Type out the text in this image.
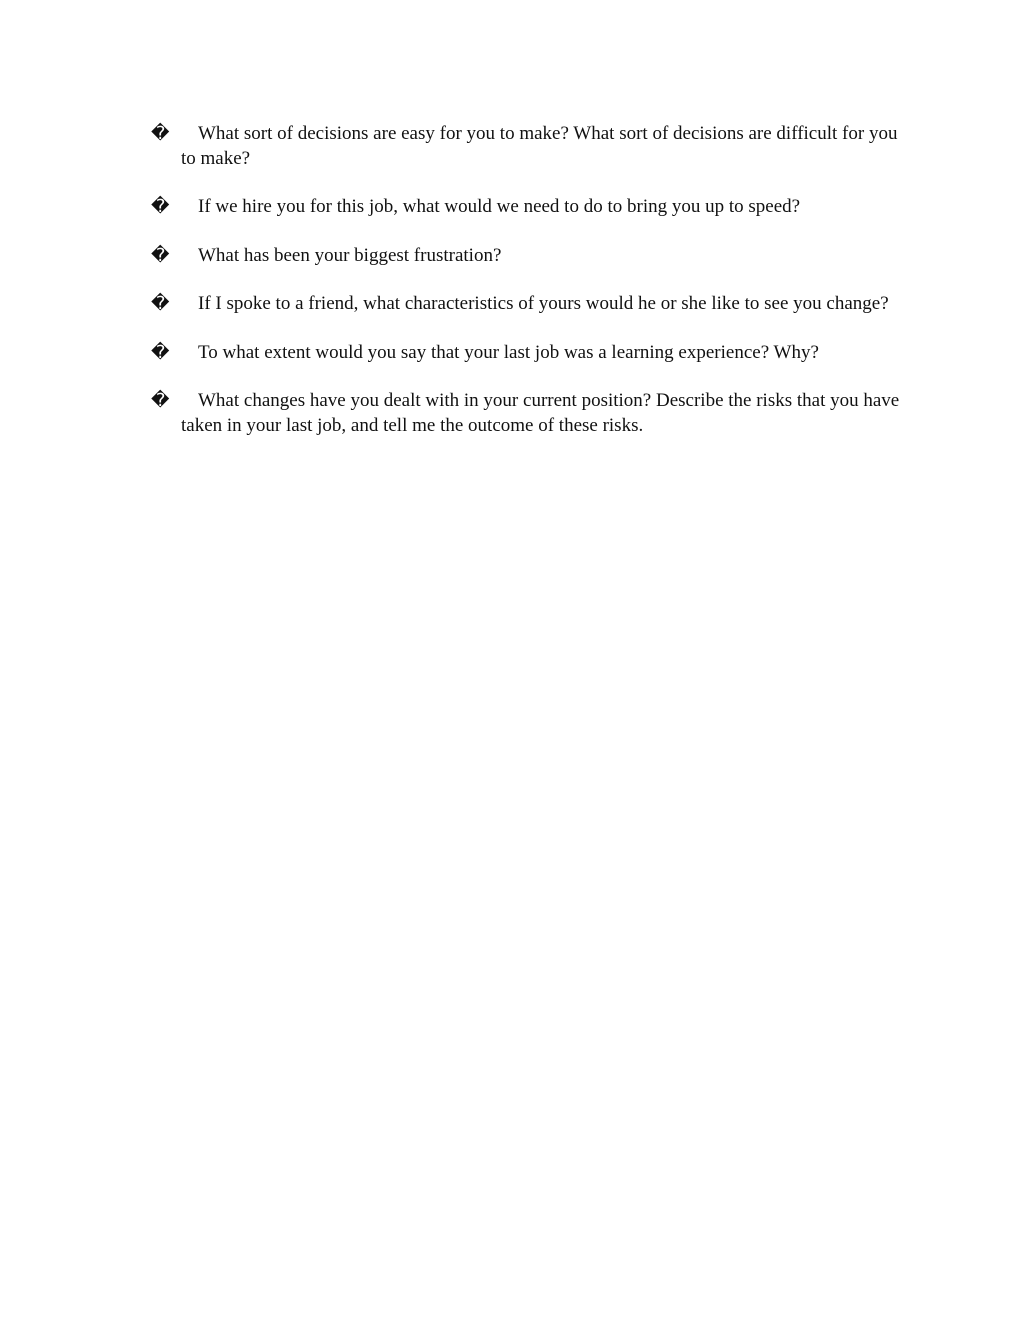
�	What sort of decisions are easy for you to make? What sort of decisions are difficult for you to make?
�	If we hire you for this job, what would we need to do to bring you up to speed?
�	What has been your biggest frustration?
�	If I spoke to a friend, what characteristics of yours would he or she like to see you change?
�	To what extent would you say that your last job was a learning experience? Why?
�	What changes have you dealt with in your current position? Describe the risks that you have taken in your last job, and tell me the outcome of these risks.
